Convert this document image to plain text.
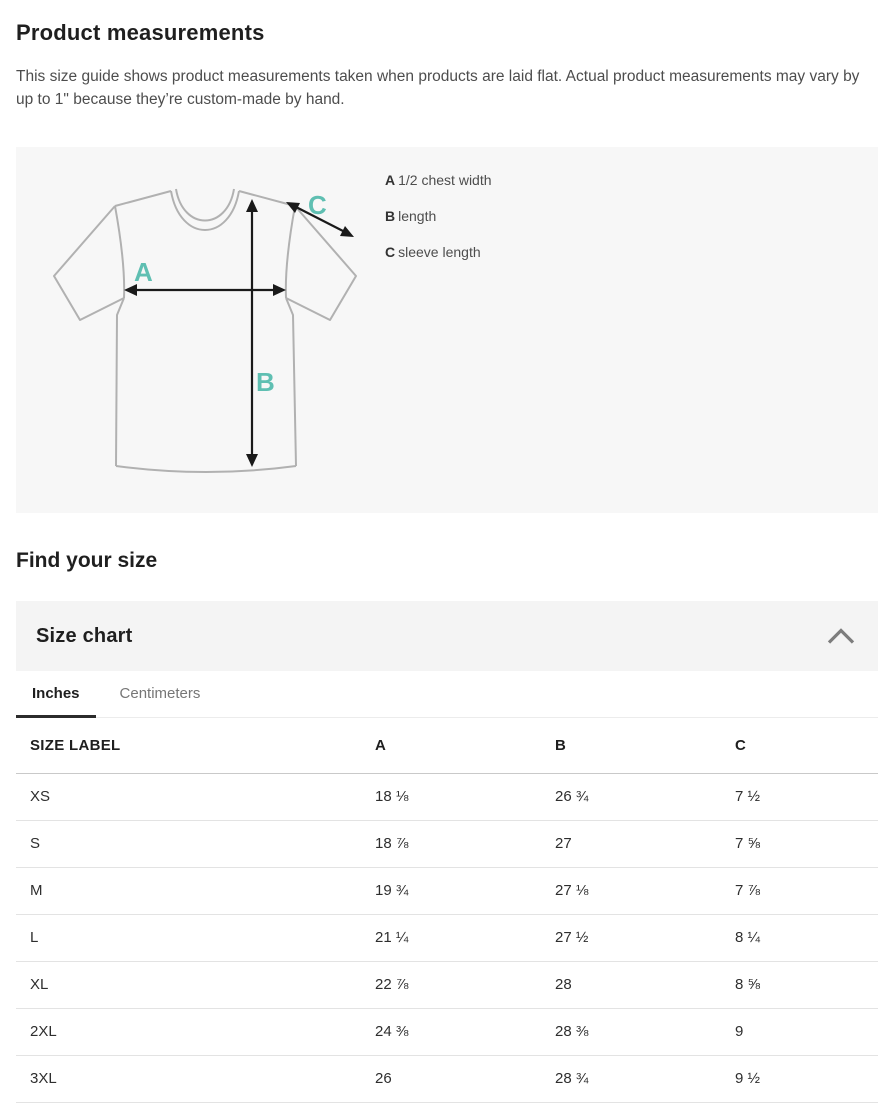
Product measurements

This size guide shows product measurements taken when products are laid flat. Actual product measurements may vary by up to 1" because they’re custom-made by hand.

A
B
C
A 1/2 chest width
B length
C sleeve length
Find your size
Size chart
Inches	Centimeters
SIZE LABEL	A	B	C
XS	18 ⅛	26 ¾	7 ½
S	18 ⅞	27	7 ⅝
M	19 ¾	27 ⅛	7 ⅞
L	21 ¼	27 ½	8 ¼
XL	22 ⅞	28	8 ⅝
2XL	24 ⅜	28 ⅜	9
3XL	26	28 ¾	9 ½
